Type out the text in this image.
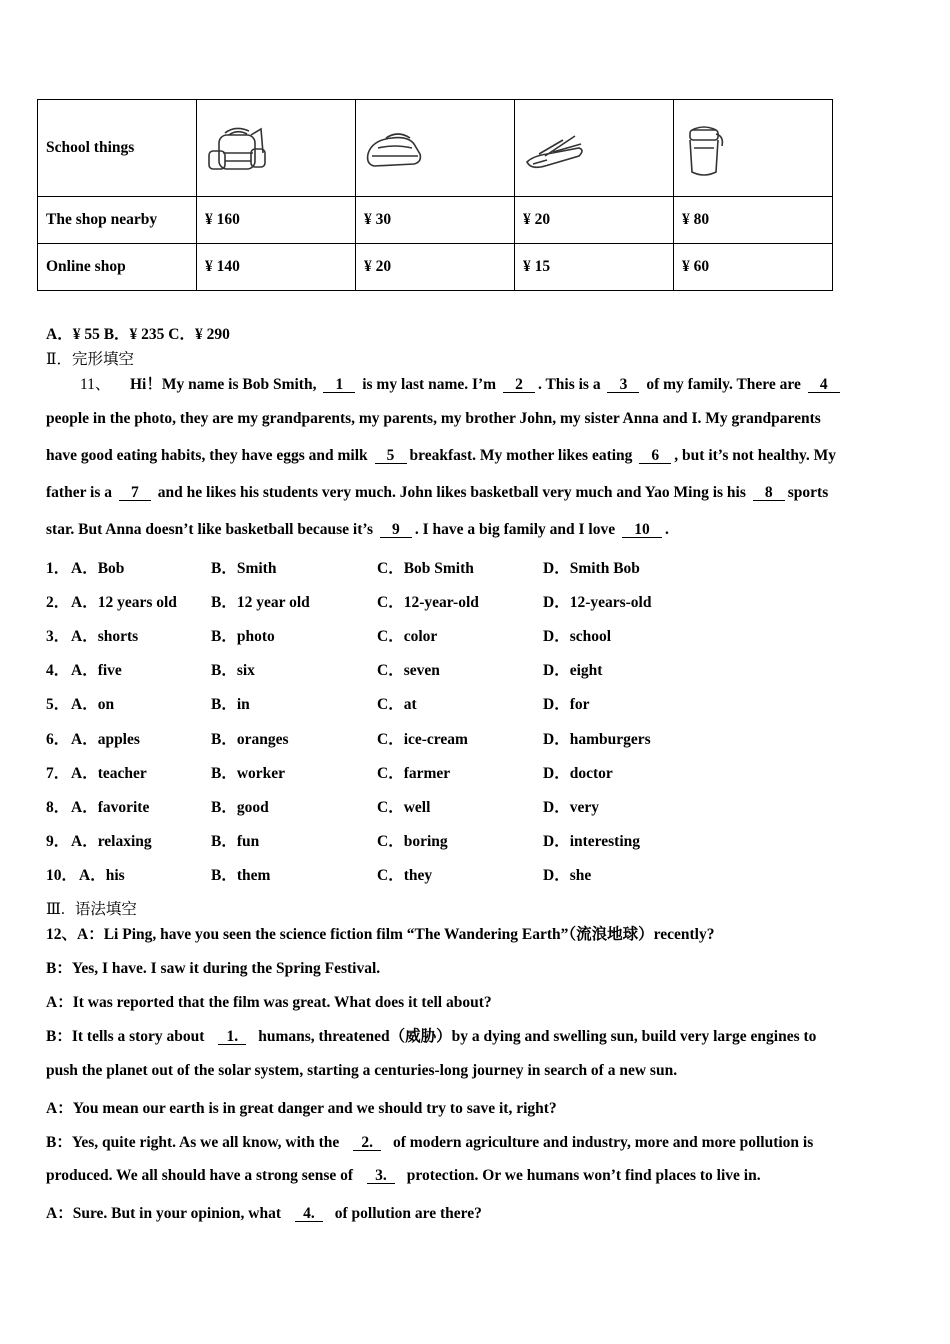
School things				
The shop nearby	¥ 160	¥ 30	¥ 20	¥ 80
Online shop	¥ 140	¥ 20	¥ 15	¥ 60
A．¥ 55 B．¥ 235 C．¥ 290
Ⅱ．完形填空
11、 Hi！My name is Bob Smith, 1 is my last name. I’m 2 . This is a 3 of my family. There are 4
people in the photo, they are my grandparents, my parents, my brother John, my sister Anna and I. My grandparents
have good eating habits, they have eggs and milk 5 breakfast. My mother likes eating 6 , but it’s not healthy. My
father is a 7 and he likes his students very much. John likes basketball very much and Yao Ming is his 8 sports
star. But Anna doesn’t like basketball because it’s 9 . I have a big family and I love 10 .
1． A．Bob	B．Smith	C．Bob Smith	D．Smith Bob
2． A．12 years old B．12 year old	C．12-year-old	D．12-years-old
3． A．shorts	B．photo	C．color	D．school
4． A．five	B．six	C．seven	D．eight
5． A．on	B．in	C．at	D．for
6． A．apples	B．oranges	C．ice-cream	D．hamburgers
7． A．teacher	B．worker	C．farmer	D．doctor
8． A．favorite	B．good	C．well	D．very
9． A．relaxing	B．fun	C．boring	D．interesting
10． A．his	B．them	C．they	D．she
Ⅲ. 语法填空
12、A：Li Ping, have you seen the science fiction film “The Wandering Earth”（流浪地球）recently?
B：Yes, I have. I saw it during the Spring Festival.
A：It was reported that the film was great. What does it tell about?
B：It tells a story about 1. humans, threatened（威胁）by a dying and swelling sun, build very large engines to
push the planet out of the solar system, starting a centuries-long journey in search of a new sun.
A：You mean our earth is in great danger and we should try to save it, right?
B：Yes, quite right. As we all know, with the 2. of modern agriculture and industry, more and more pollution is
produced. We all should have a strong sense of 3. protection. Or we humans won’t find places to live in.
A：Sure. But in your opinion, what 4. of pollution are there?
